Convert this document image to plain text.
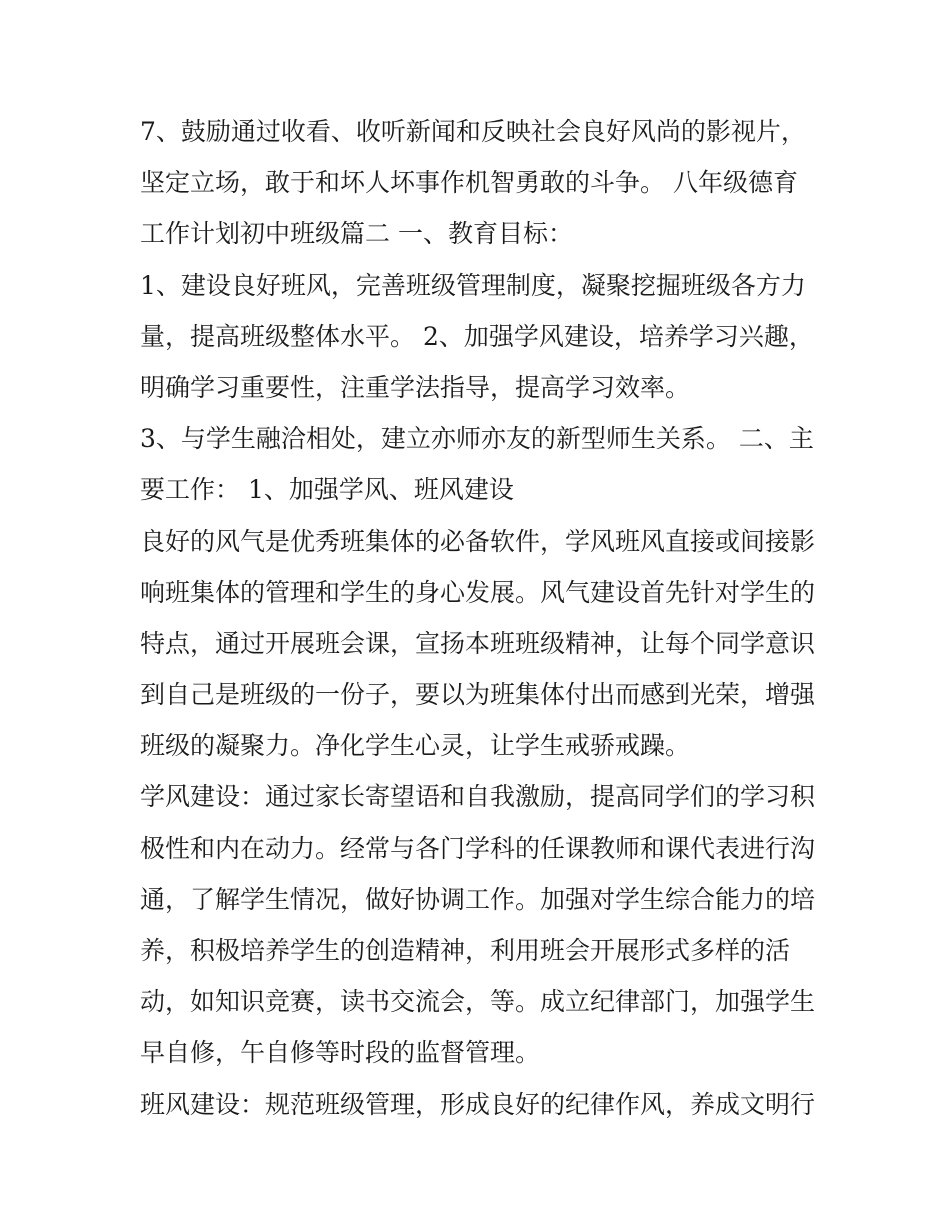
7、鼓励通过收看、收听新闻和反映社会良好风尚的影视片，
坚定立场，敢于和坏人坏事作机智勇敢的斗争。 八年级德育
工作计划初中班级篇二 一、教育目标：
1、建设良好班风，完善班级管理制度，凝聚挖掘班级各方力
量，提高班级整体水平。 2、加强学风建设，培养学习兴趣，
明确学习重要性，注重学法指导，提高学习效率。
3、与学生融洽相处，建立亦师亦友的新型师生关系。 二、主
要工作： 1、加强学风、班风建设
良好的风气是优秀班集体的必备软件，学风班风直接或间接影
响班集体的管理和学生的身心发展。风气建设首先针对学生的
特点，通过开展班会课，宣扬本班班级精神，让每个同学意识
到自己是班级的一份子，要以为班集体付出而感到光荣，增强
班级的凝聚力。净化学生心灵，让学生戒骄戒躁。
学风建设：通过家长寄望语和自我激励，提高同学们的学习积
极性和内在动力。经常与各门学科的任课教师和课代表进行沟
通，了解学生情况，做好协调工作。加强对学生综合能力的培
养，积极培养学生的创造精神，利用班会开展形式多样的活
动，如知识竞赛，读书交流会，等。成立纪律部门，加强学生
早自修，午自修等时段的监督管理。
班风建设：规范班级管理，形成良好的纪律作风，养成文明行
